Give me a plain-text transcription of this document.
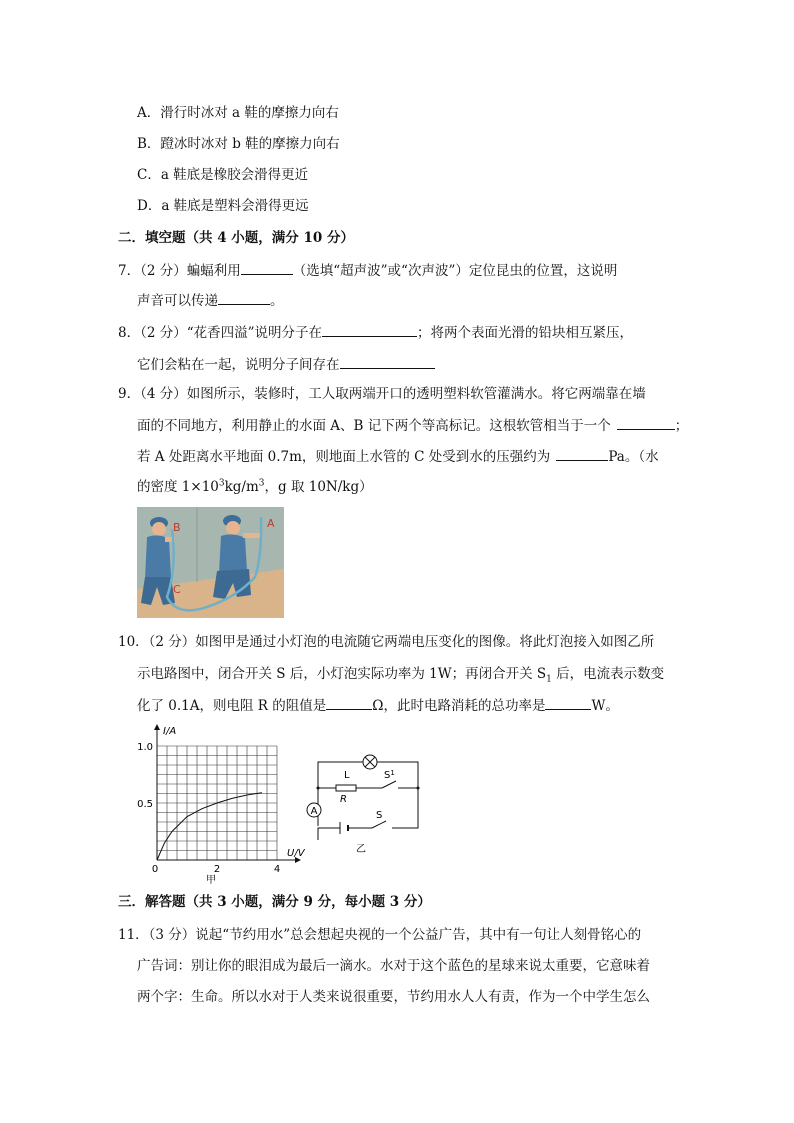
A．滑行时冰对 a 鞋的摩擦力向右
B．蹬冰时冰对 b 鞋的摩擦力向右
C．a 鞋底是橡胶会滑得更近
D．a 鞋底是塑料会滑得更远
二．填空题（共 4 小题，满分 10 分）
7．（2 分）蝙蝠利用	（选填“超声波”或“次声波”）定位昆虫的位置，这说明
声音可以传递	。
8．（2 分）“花香四溢”说明分子在	；将两个表面光滑的铅块相互紧压，
它们会粘在一起，说明分子间存在
9．（4 分）如图所示，装修时，工人取两端开口的透明塑料软管灌满水。将它两端靠在墙
面的不同地方，利用静止的水面 A、B 记下两个等高标记。这根软管相当于一个	；
若 A 处距离水平地面 0.7m，则地面上水管的 C 处受到水的压强约为	Pa。（水
的密度 $1\times 10^3kg/m^3$，g 取 10N/kg）
B	A
C
10．（2 分）如图甲是通过小灯泡的电流随它两端电压变化的图像。将此灯泡接入如图乙所
示电路图中，闭合开关 S 后，小灯泡实际功率为 1W；再闭合开关 $S_1$ 后，电流表示数变
化了 0.1A，则电阻 R 的阻值是	Ω，此时电路消耗的总功率是	W。
I/A
U/V
0.5
1.0
0	2	4
甲
A
L
R
$S^1$
S
乙
三．解答题（共 3 小题，满分 9 分，每小题 3 分）
11．（3 分）说起“节约用水”总会想起央视的一个公益广告，其中有一句让人刻骨铭心的
广告词：别让你的眼泪成为最后一滴水。水对于这个蓝色的星球来说太重要，它意味着
两个字：生命。所以水对于人类来说很重要，节约用水人人有责，作为一个中学生怎么
